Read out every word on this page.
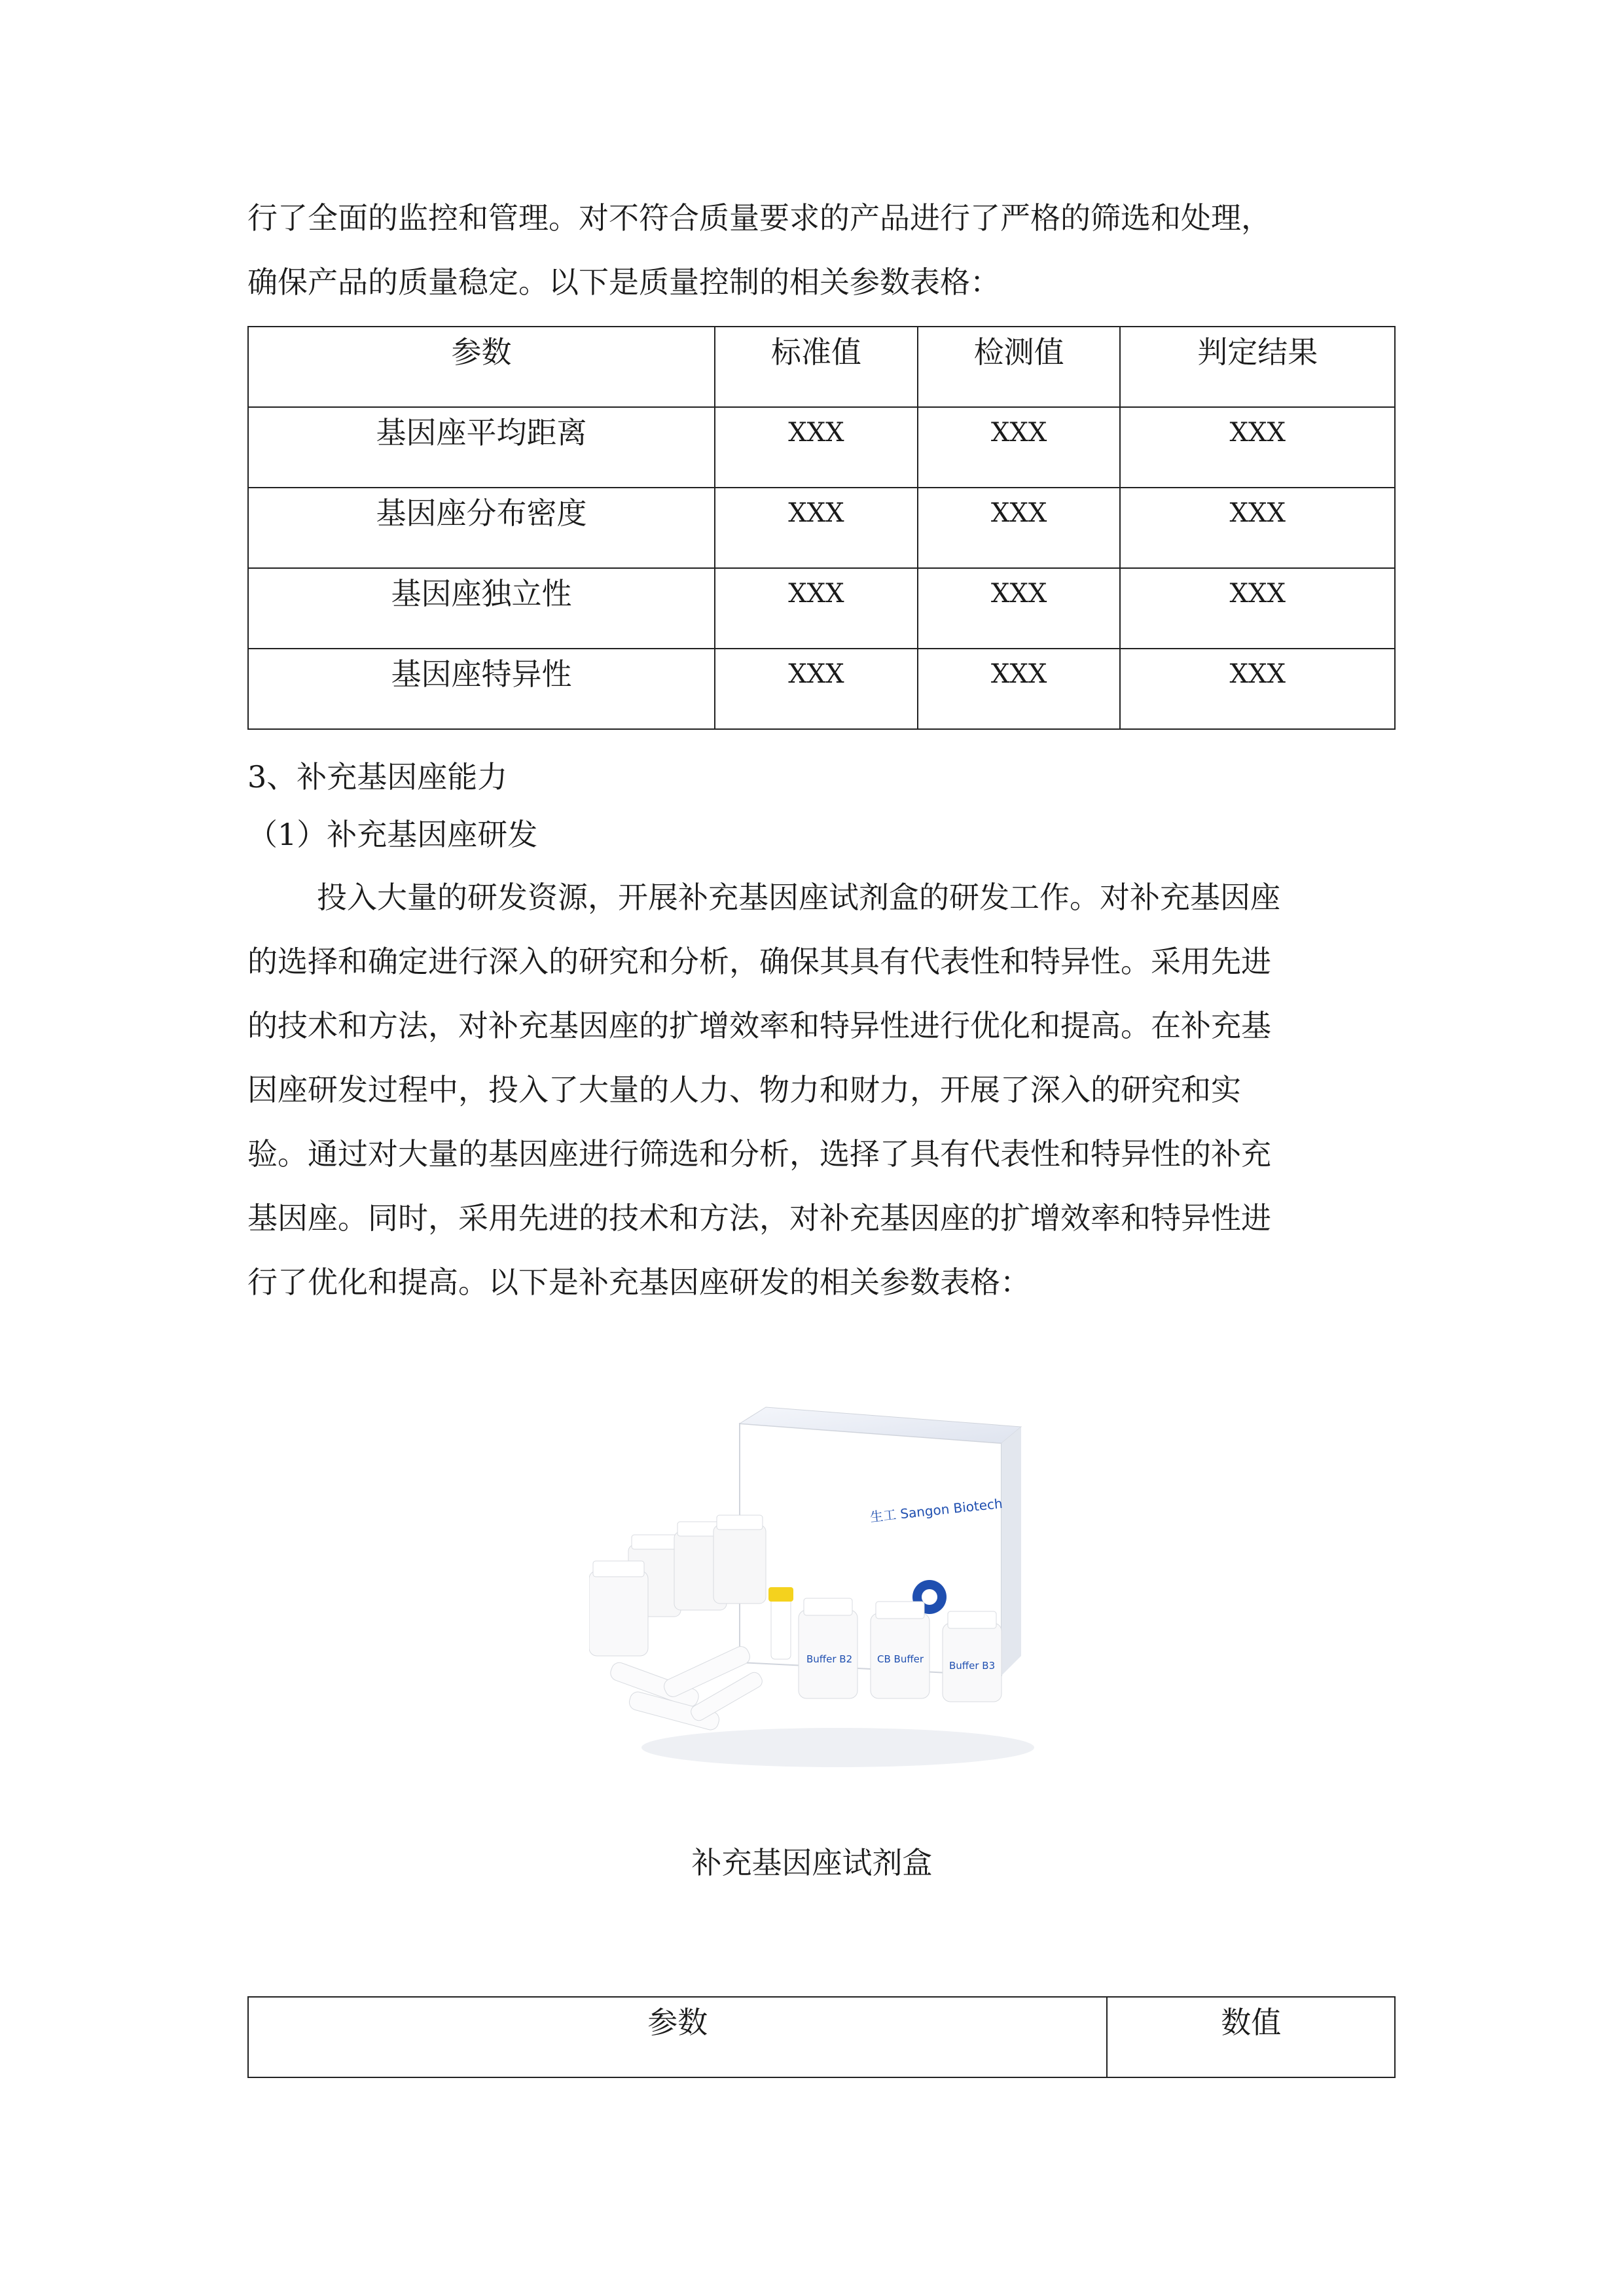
行了全面的监控和管理。对不符合质量要求的产品进行了严格的筛选和处理，
确保产品的质量稳定。以下是质量控制的相关参数表格：
参数	标准值	检测值	判定结果
基因座平均距离	XXX	XXX	XXX
基因座分布密度	XXX	XXX	XXX
基因座独立性	XXX	XXX	XXX
基因座特异性	XXX	XXX	XXX
3、补充基因座能力
（1）补充基因座研发
投入大量的研发资源，开展补充基因座试剂盒的研发工作。对补充基因座
的选择和确定进行深入的研究和分析，确保其具有代表性和特异性。采用先进
的技术和方法，对补充基因座的扩增效率和特异性进行优化和提高。在补充基
因座研发过程中，投入了大量的人力、物力和财力，开展了深入的研究和实
验。通过对大量的基因座进行筛选和分析，选择了具有代表性和特异性的补充
基因座。同时，采用先进的技术和方法，对补充基因座的扩增效率和特异性进
行了优化和提高。以下是补充基因座研发的相关参数表格：
生工 Sangon Biotech
Buffer B2	CB Buffer
Buffer B3
补充基因座试剂盒
参数	数值
